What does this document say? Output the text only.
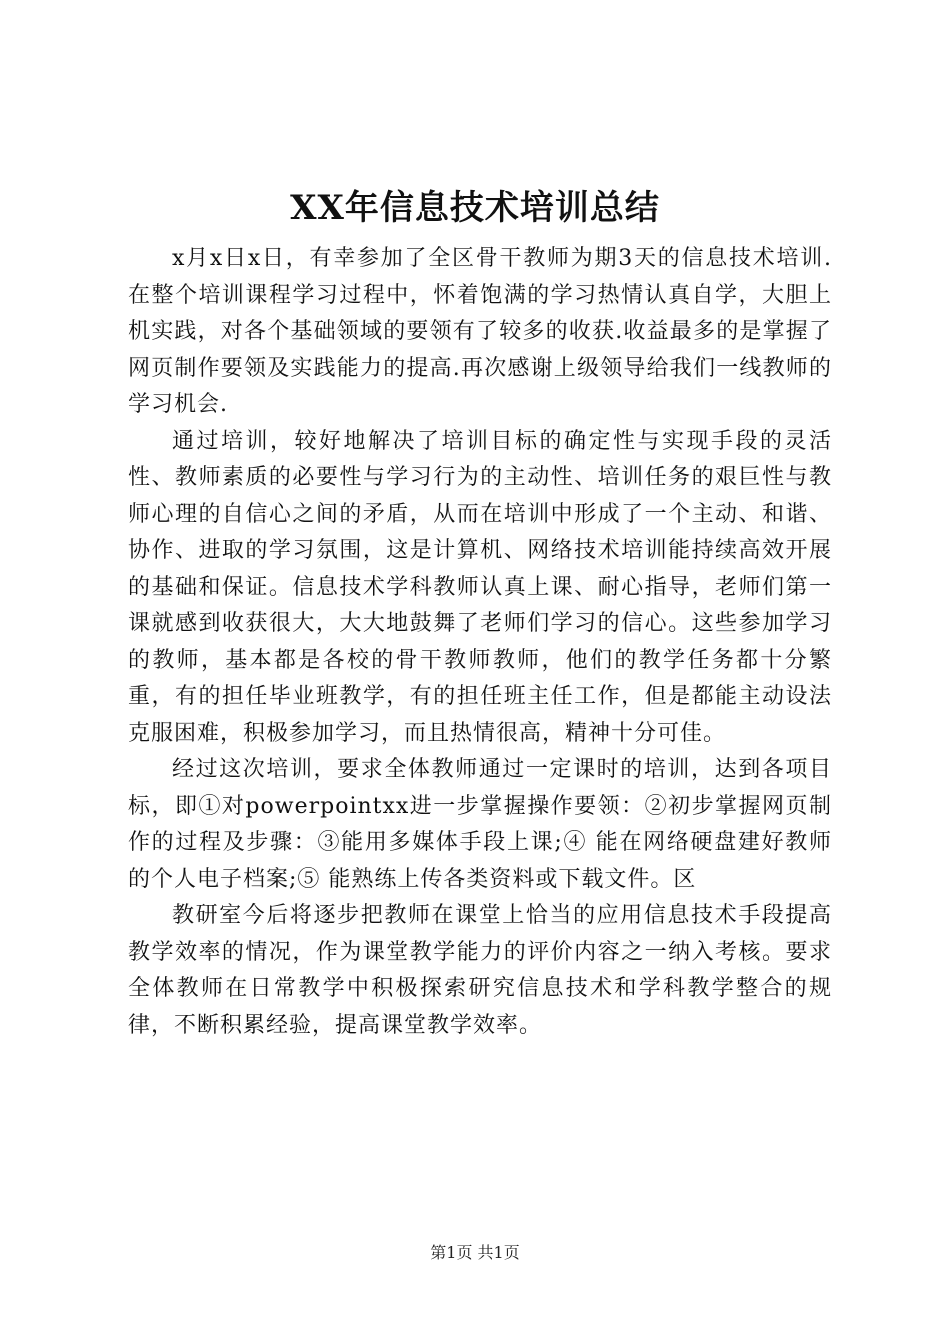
XX年信息技术培训总结

x月x日x日，有幸参加了全区骨干教师为期3天的信息技术培训.在整个培训课程学习过程中，怀着饱满的学习热情认真自学，大胆上机实践，对各个基础领域的要领有了较多的收获.收益最多的是掌握了网页制作要领及实践能力的提高.再次感谢上级领导给我们一线教师的学习机会.

通过培训，较好地解决了培训目标的确定性与实现手段的灵活性、教师素质的必要性与学习行为的主动性、培训任务的艰巨性与教师心理的自信心之间的矛盾，从而在培训中形成了一个主动、和谐、协作、进取的学习氛围，这是计算机、网络技术培训能持续高效开展的基础和保证。信息技术学科教师认真上课、耐心指导，老师们第一课就感到收获很大，大大地鼓舞了老师们学习的信心。这些参加学习的教师，基本都是各校的骨干教师教师，他们的教学任务都十分繁重，有的担任毕业班教学，有的担任班主任工作，但是都能主动设法克服困难，积极参加学习，而且热情很高，精神十分可佳。

经过这次培训，要求全体教师通过一定课时的培训，达到各项目标，即①对powerpointxx进一步掌握操作要领：②初步掌握网页制作的过程及步骤：③能用多媒体手段上课;④ 能在网络硬盘建好教师的个人电子档案;⑤ 能熟练上传各类资料或下载文件。区

教研室今后将逐步把教师在课堂上恰当的应用信息技术手段提高教学效率的情况，作为课堂教学能力的评价内容之一纳入考核。要求全体教师在日常教学中积极探索研究信息技术和学科教学整合的规律，不断积累经验，提高课堂教学效率。

第1页 共1页
